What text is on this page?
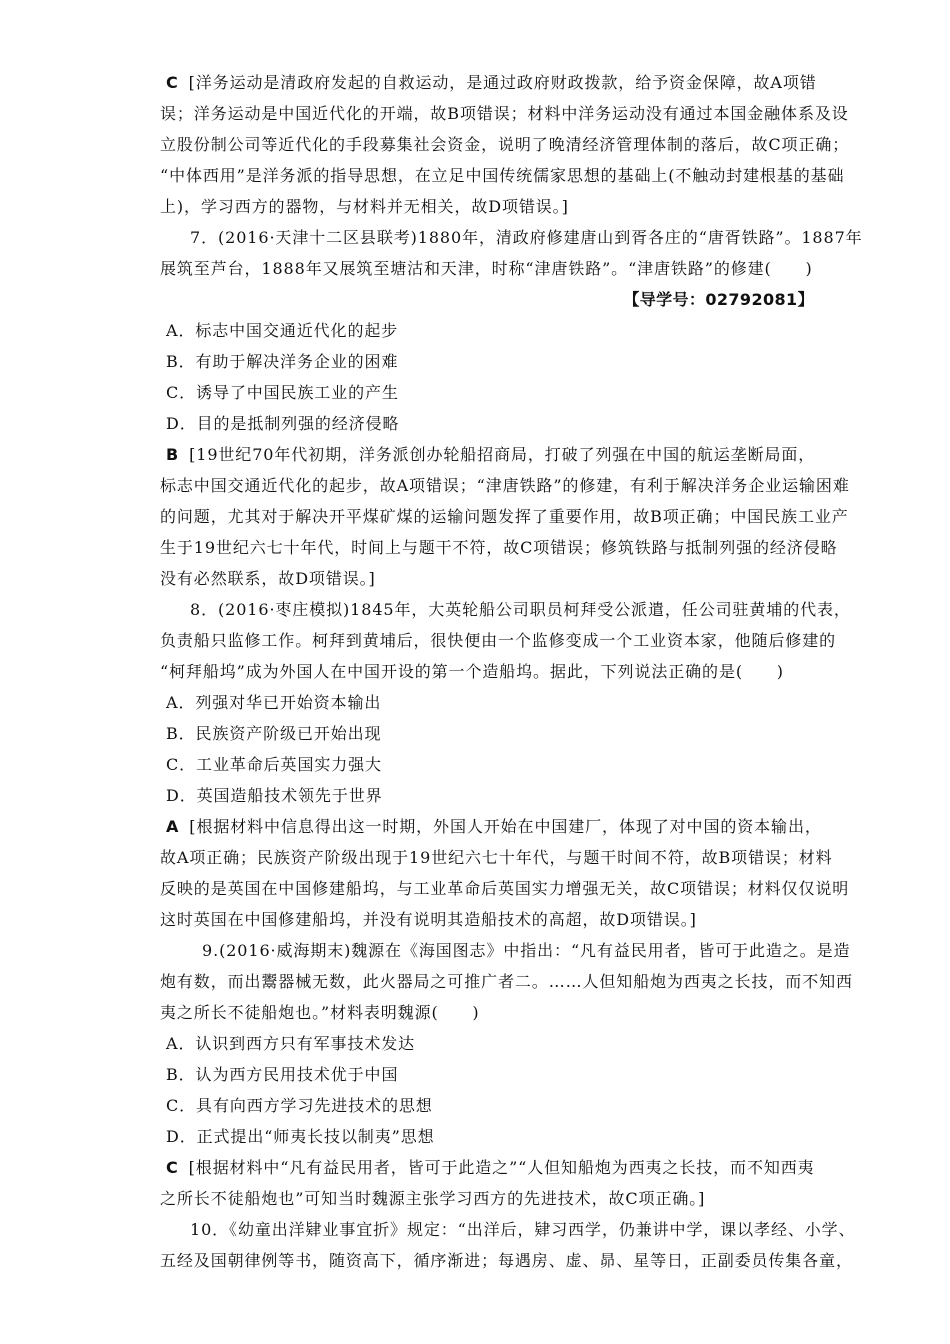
C [洋务运动是清政府发起的自救运动，是通过政府财政拨款，给予资金保障，故A项错
误；洋务运动是中国近代化的开端，故B项错误；材料中洋务运动没有通过本国金融体系及设
立股份制公司等近代化的手段募集社会资金，说明了晚清经济管理体制的落后，故C项正确；
“中体西用”是洋务派的指导思想，在立足中国传统儒家思想的基础上(不触动封建根基的基础
上)，学习西方的器物，与材料并无相关，故D项错误。]
7．(2016·天津十二区县联考)1880年，清政府修建唐山到胥各庄的“唐胥铁路”。1887年
展筑至芦台，1888年又展筑至塘沽和天津，时称“津唐铁路”。“津唐铁路”的修建(　　)
【导学号：02792081】
A．标志中国交通近代化的起步
B．有助于解决洋务企业的困难
C．诱导了中国民族工业的产生
D．目的是抵制列强的经济侵略
B [19世纪70年代初期，洋务派创办轮船招商局，打破了列强在中国的航运垄断局面，
标志中国交通近代化的起步，故A项错误；“津唐铁路”的修建，有利于解决洋务企业运输困难
的问题，尤其对于解决开平煤矿煤的运输问题发挥了重要作用，故B项正确；中国民族工业产
生于19世纪六七十年代，时间上与题干不符，故C项错误；修筑铁路与抵制列强的经济侵略
没有必然联系，故D项错误。]
8．(2016·枣庄模拟)1845年，大英轮船公司职员柯拜受公派遣，任公司驻黄埔的代表，
负责船只监修工作。柯拜到黄埔后，很快便由一个监修变成一个工业资本家，他随后修建的
“柯拜船坞”成为外国人在中国开设的第一个造船坞。据此，下列说法正确的是(　　)
A．列强对华已开始资本输出
B．民族资产阶级已开始出现
C．工业革命后英国实力强大
D．英国造船技术领先于世界
A [根据材料中信息得出这一时期，外国人开始在中国建厂，体现了对中国的资本输出，
故A项正确；民族资产阶级出现于19世纪六七十年代，与题干时间不符，故B项错误；材料
反映的是英国在中国修建船坞，与工业革命后英国实力增强无关，故C项错误；材料仅仅说明
这时英国在中国修建船坞，并没有说明其造船技术的高超，故D项错误。]
9.(2016·威海期末)魏源在《海国图志》中指出：“凡有益民用者，皆可于此造之。是造
炮有数，而出鬻器械无数，此火器局之可推广者二。……人但知船炮为西夷之长技，而不知西
夷之所长不徒船炮也。”材料表明魏源(　　)
A．认识到西方只有军事技术发达
B．认为西方民用技术优于中国
C．具有向西方学习先进技术的思想
D．正式提出“师夷长技以制夷”思想
C [根据材料中“凡有益民用者，皆可于此造之”“人但知船炮为西夷之长技，而不知西夷
之所长不徒船炮也”可知当时魏源主张学习西方的先进技术，故C项正确。]
10．《幼童出洋肄业事宜折》规定：“出洋后，肄习西学，仍兼讲中学，课以孝经、小学、
五经及国朝律例等书，随资高下，循序渐进；每遇房、虚、昴、星等日，正副委员传集各童，
